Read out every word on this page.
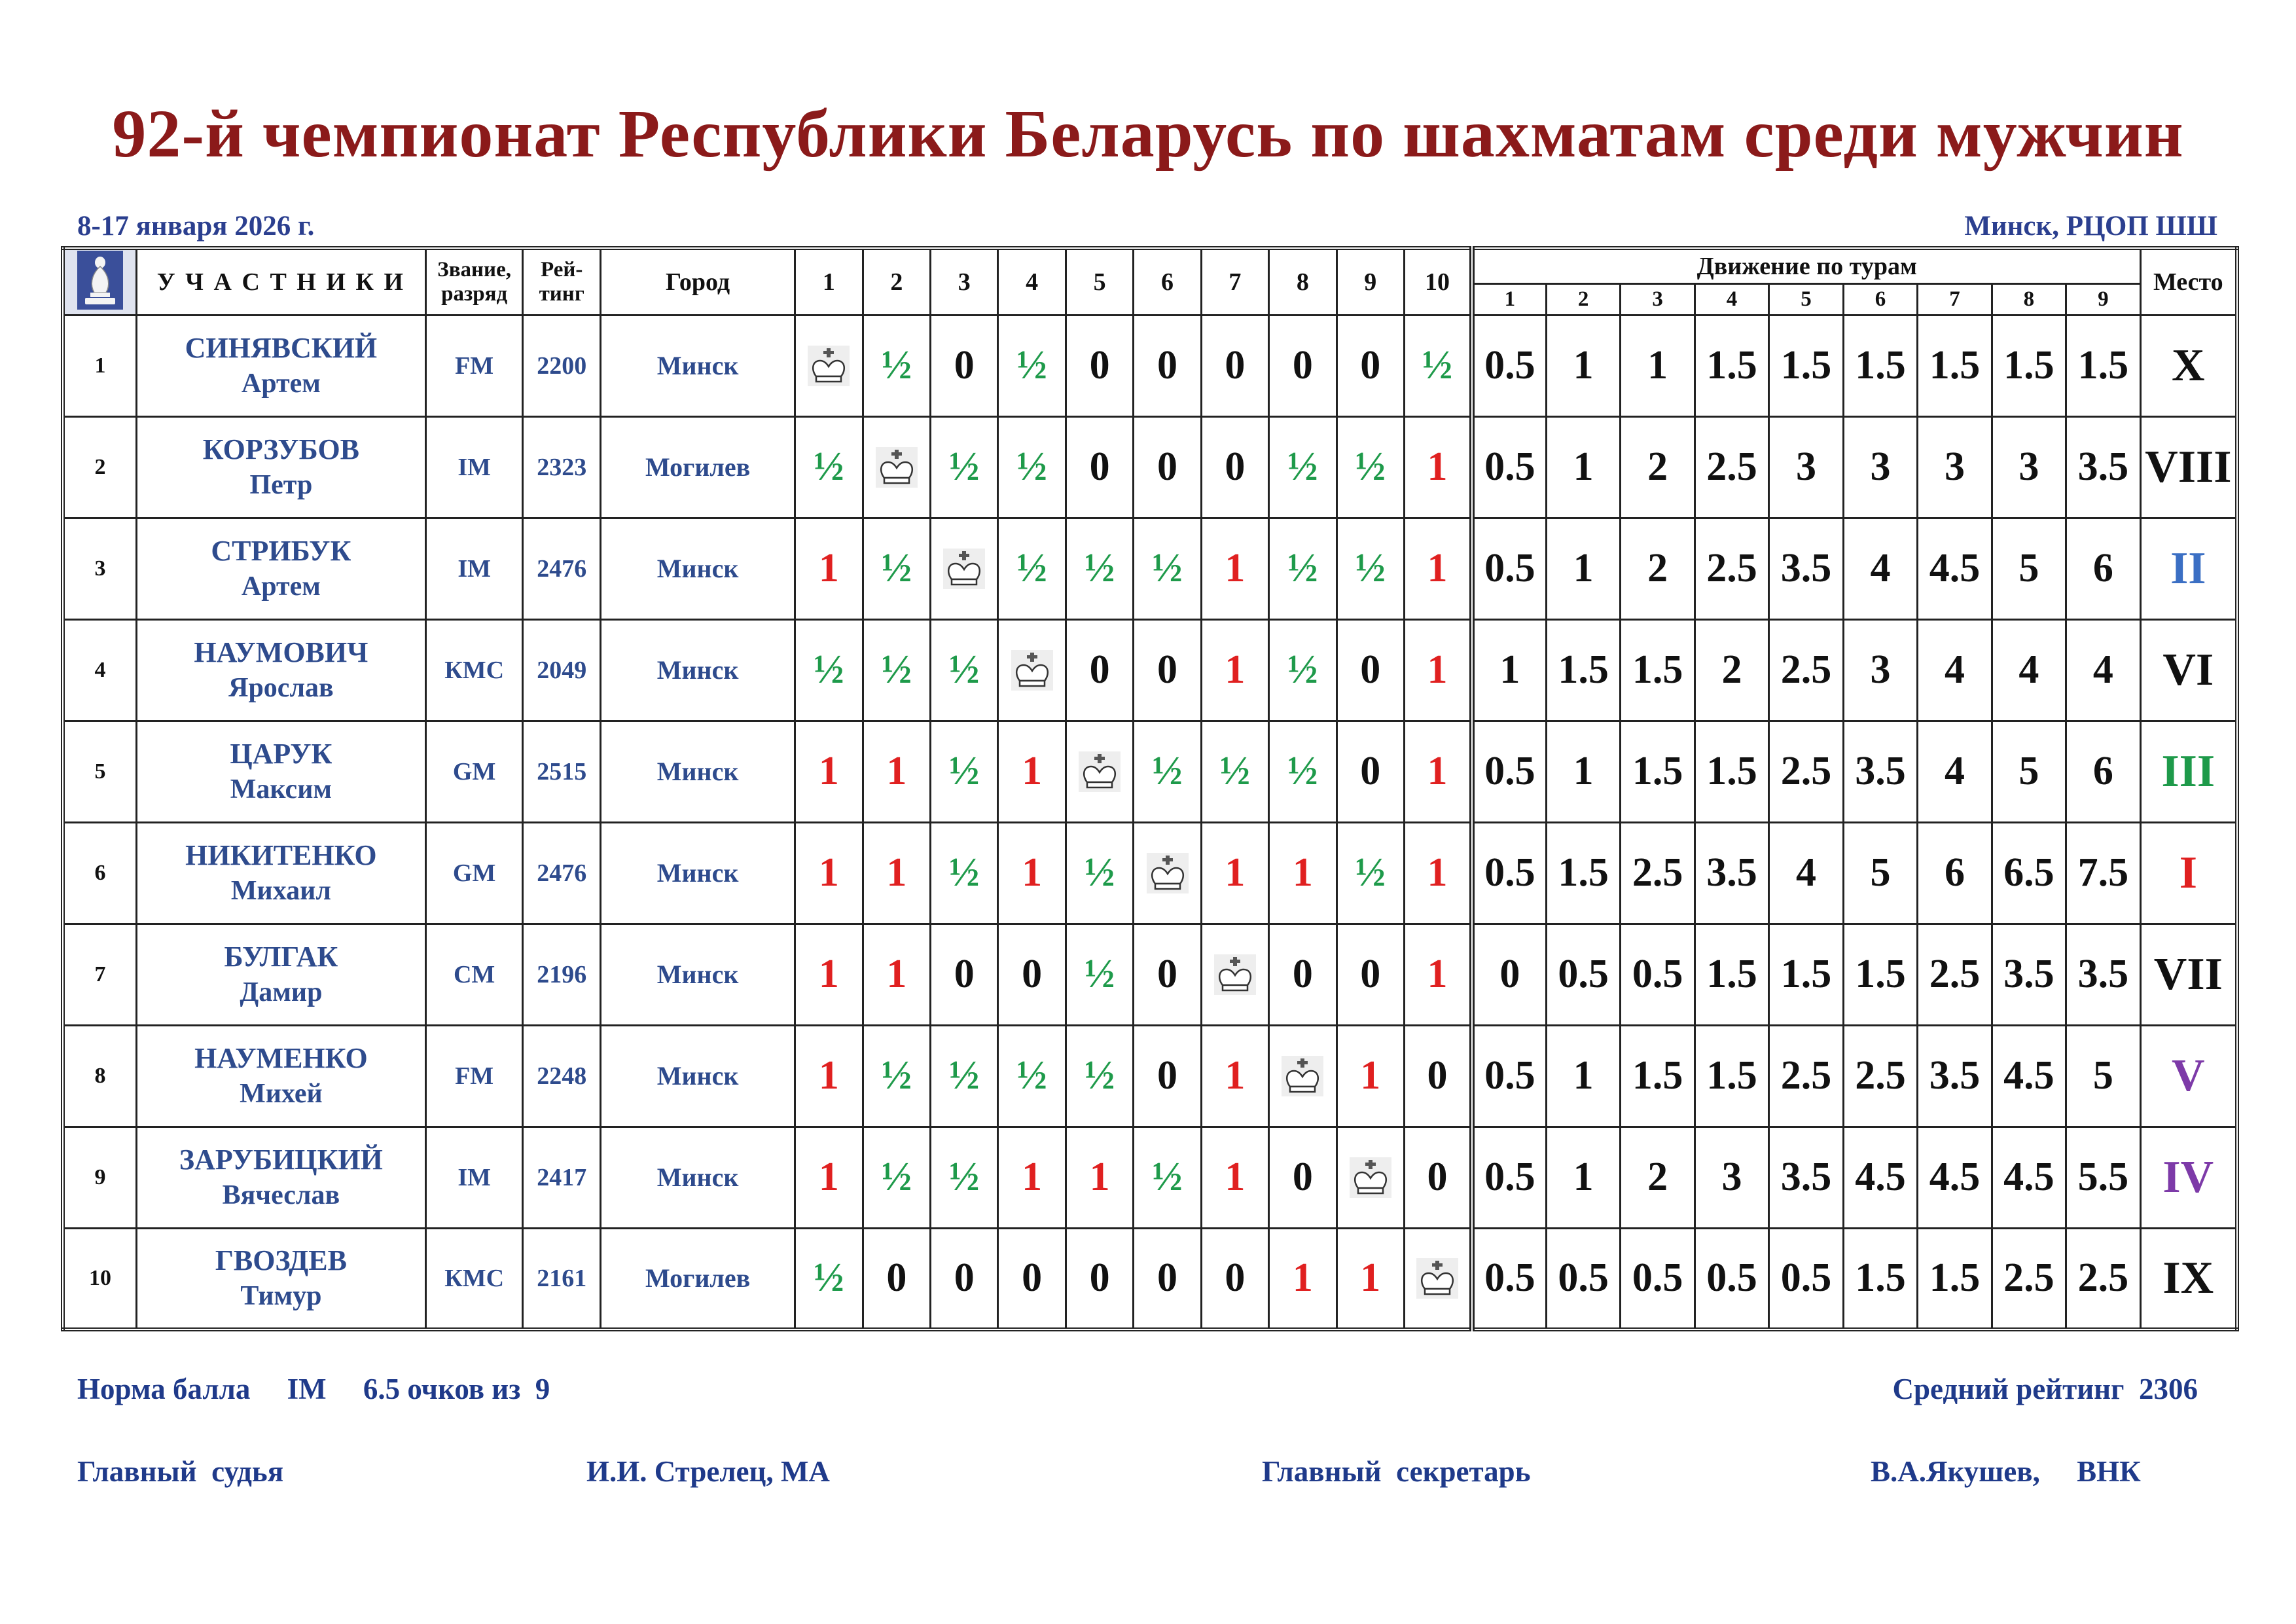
92-й чемпионат Республики Беларусь по шахматам среди мужчин
8-17 января 2026 г.	Минск, РЦОП ШШ
	У Ч А С Т Н И К И	Звание,
разряд	Рей-
тинг	Город	1	2	3	4	5	6	7	8	9	10	Движение по турам									Место
															1	2	3	4	5	6	7	8	9	
1	СИНЯВСКИЙ
Артем	FM	2200	Минск		½	0	½	0	0	0	0	0	½	0.5	1	1	1.5	1.5	1.5	1.5	1.5	1.5	X
2	КОРЗУБОВ
Петр	IM	2323	Могилев	½		½	½	0	0	0	½	½	1	0.5	1	2	2.5	3	3	3	3	3.5	VIII
3	СТРИБУК
Артем	IM	2476	Минск	1	½		½	½	½	1	½	½	1	0.5	1	2	2.5	3.5	4	4.5	5	6	II
4	НАУМОВИЧ
Ярослав	КМС	2049	Минск	½	½	½		0	0	1	½	0	1	1	1.5	1.5	2	2.5	3	4	4	4	VI
5	ЦАРУК
Максим	GM	2515	Минск	1	1	½	1		½	½	½	0	1	0.5	1	1.5	1.5	2.5	3.5	4	5	6	III
6	НИКИТЕНКО
Михаил	GM	2476	Минск	1	1	½	1	½		1	1	½	1	0.5	1.5	2.5	3.5	4	5	6	6.5	7.5	I
7	БУЛГАК
Дамир	СМ	2196	Минск	1	1	0	0	½	0		0	0	1	0	0.5	0.5	1.5	1.5	1.5	2.5	3.5	3.5	VII
8	НАУМЕНКО
Михей	FM	2248	Минск	1	½	½	½	½	0	1		1	0	0.5	1	1.5	1.5	2.5	2.5	3.5	4.5	5	V
9	ЗАРУБИЦКИЙ
Вячеслав	IM	2417	Минск	1	½	½	1	1	½	1	0		0	0.5	1	2	3	3.5	4.5	4.5	4.5	5.5	IV
10	ГВОЗДЕВ
Тимур	КМС	2161	Могилев	½	0	0	0	0	0	0	1	1		0.5	0.5	0.5	0.5	0.5	1.5	1.5	2.5	2.5	IX
Норма балла     IM     6.5 очков из  9	Средний рейтинг  2306
Главный  судья	И.И. Стрелец, МА	Главный  секретарь	В.А.Якушев,     ВНК
